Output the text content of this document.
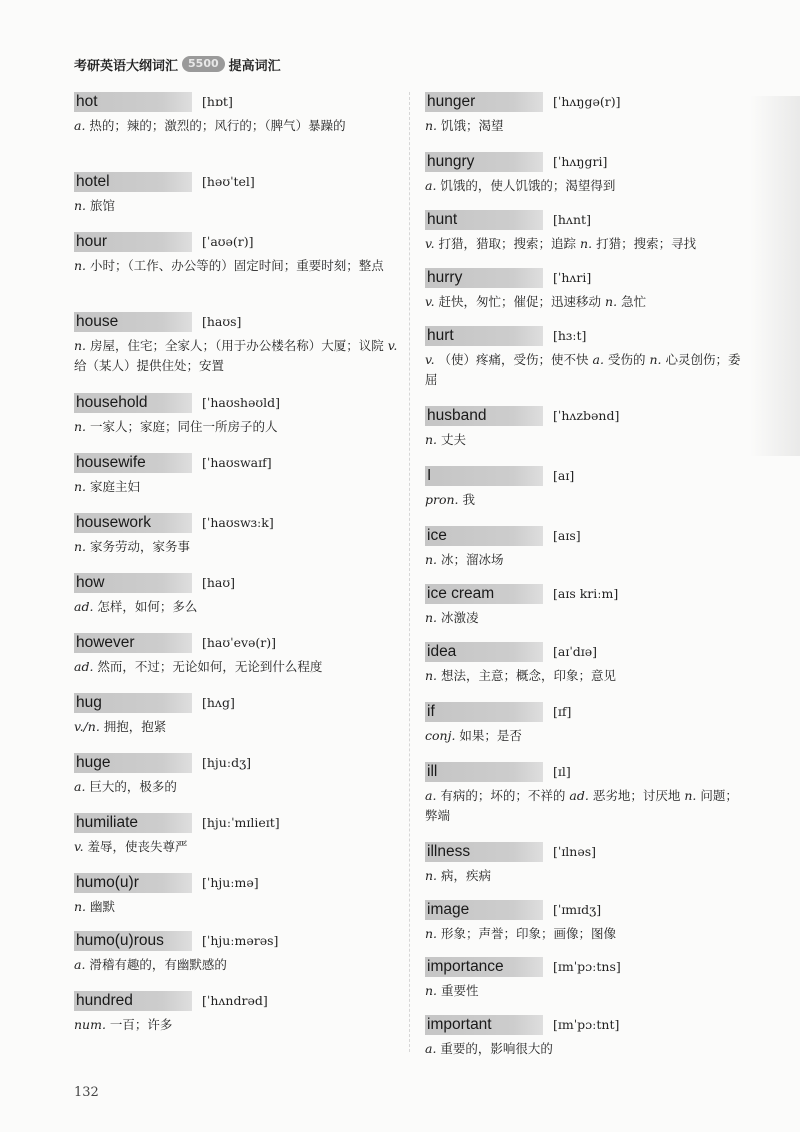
考研英语大纲词汇 5500 提高词汇
hot	[hɒt]
a. 热的；辣的；激烈的；风行的；（脾气）暴躁的
hotel	[həʊˈtel]
n. 旅馆
hour	[ˈaʊə(r)]
n. 小时；（工作、办公等的）固定时间；重要时刻；整点
house	[haʊs]
n. 房屋，住宅；全家人；（用于办公楼名称）大厦；议院 v. 给（某人）提供住处；安置
household	[ˈhaʊshəʊld]
n. 一家人；家庭；同住一所房子的人
housewife	[ˈhaʊswaɪf]
n. 家庭主妇
housework	[ˈhaʊswɜːk]
n. 家务劳动，家务事
how	[haʊ]
ad. 怎样，如何；多么
however	[haʊˈevə(r)]
ad. 然而，不过；无论如何，无论到什么程度
hug	[hʌg]
v./n. 拥抱，抱紧
huge	[hjuːdʒ]
a. 巨大的，极多的
humiliate	[hjuːˈmɪlieɪt]
v. 羞辱，使丧失尊严
humo(u)r	[ˈhjuːmə]
n. 幽默
humo(u)rous	[ˈhjuːmərəs]
a. 滑稽有趣的，有幽默感的
hundred	[ˈhʌndrəd]
num. 一百；许多
hunger	[ˈhʌŋgə(r)]
n. 饥饿；渴望
hungry	[ˈhʌŋgri]
a. 饥饿的，使人饥饿的；渴望得到
hunt	[hʌnt]
v. 打猎，猎取；搜索；追踪 n. 打猎；搜索；寻找
hurry	[ˈhʌri]
v. 赶快，匆忙；催促；迅速移动 n. 急忙
hurt	[hɜːt]
v. （使）疼痛，受伤；使不快 a. 受伤的 n. 心灵创伤；委屈
husband	[ˈhʌzbənd]
n. 丈夫
I	[aɪ]
pron. 我
ice	[aɪs]
n. 冰；溜冰场
ice cream	[aɪs kriːm]
n. 冰激凌
idea	[aɪˈdɪə]
n. 想法，主意；概念，印象；意见
if	[ɪf]
conj. 如果；是否
ill	[ɪl]
a. 有病的；坏的；不祥的 ad. 恶劣地；讨厌地 n. 问题；弊端
illness	[ˈɪlnəs]
n. 病，疾病
image	[ˈɪmɪdʒ]
n. 形象；声誉；印象；画像；图像
importance	[ɪmˈpɔːtns]
n. 重要性
important	[ɪmˈpɔːtnt]
a. 重要的，影响很大的
132
